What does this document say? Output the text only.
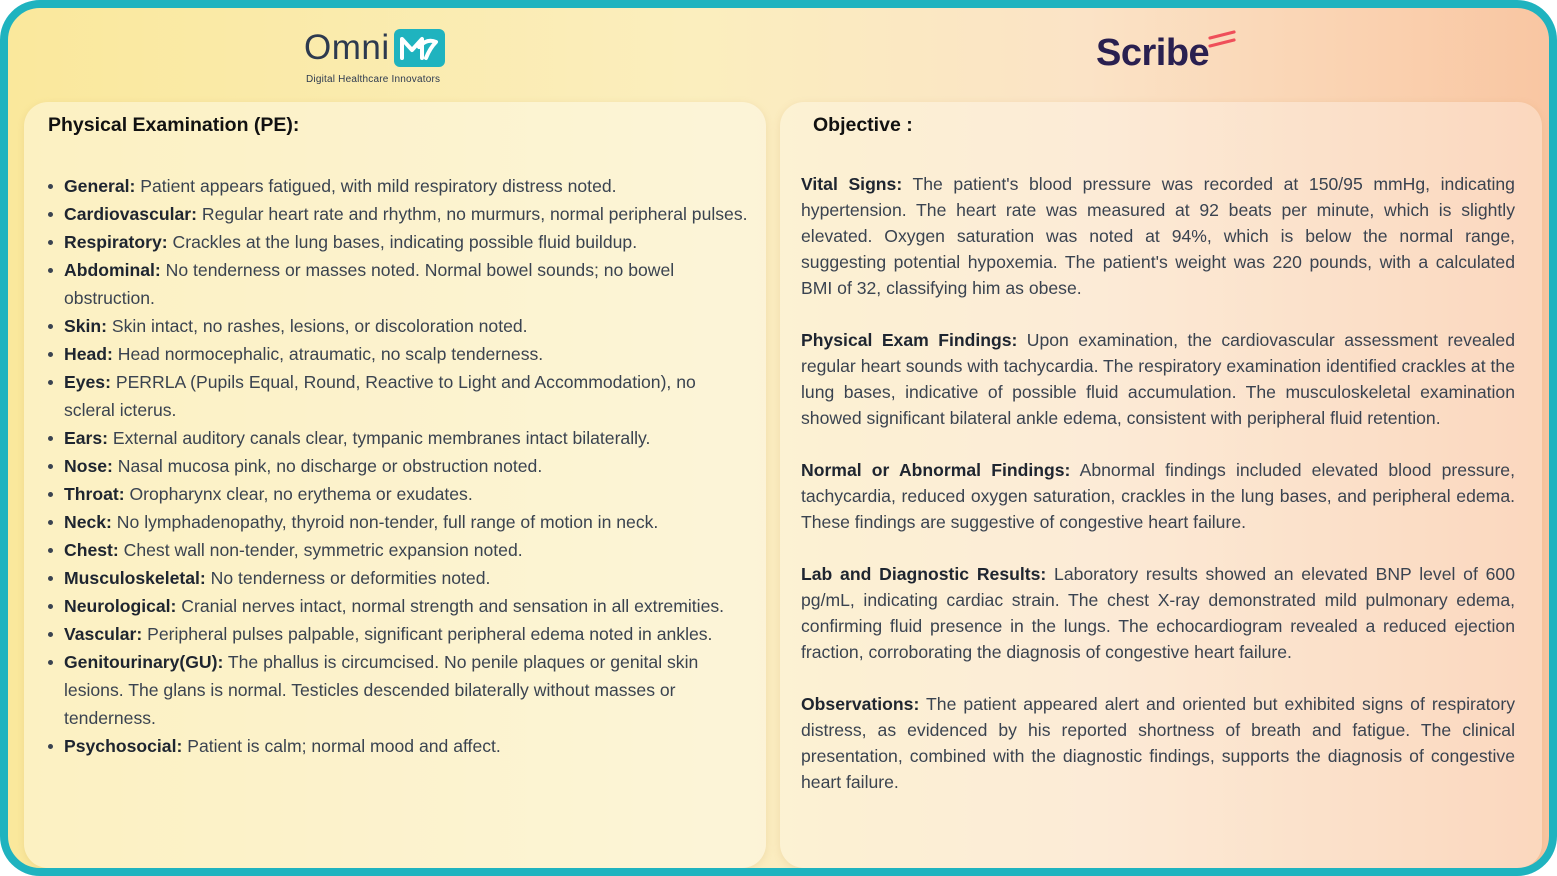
Omni
Digital Healthcare Innovators
Scribe
Physical Examination (PE):
General: Patient appears fatigued, with mild respiratory distress noted.
Cardiovascular: Regular heart rate and rhythm, no murmurs, normal peripheral pulses.
Respiratory: Crackles at the lung bases, indicating possible fluid buildup.
Abdominal: No tenderness or masses noted. Normal bowel sounds; no bowel obstruction.
Skin: Skin intact, no rashes, lesions, or discoloration noted.
Head: Head normocephalic, atraumatic, no scalp tenderness.
Eyes: PERRLA (Pupils Equal, Round, Reactive to Light and Accommodation), no scleral icterus.
Ears: External auditory canals clear, tympanic membranes intact bilaterally.
Nose: Nasal mucosa pink, no discharge or obstruction noted.
Throat: Oropharynx clear, no erythema or exudates.
Neck: No lymphadenopathy, thyroid non-tender, full range of motion in neck.
Chest: Chest wall non-tender, symmetric expansion noted.
Musculoskeletal: No tenderness or deformities noted.
Neurological: Cranial nerves intact, normal strength and sensation in all extremities.
Vascular: Peripheral pulses palpable, significant peripheral edema noted in ankles.
Genitourinary(GU): The phallus is circumcised. No penile plaques or genital skin lesions. The glans is normal. Testicles descended bilaterally without masses or tenderness.
Psychosocial: Patient is calm; normal mood and affect.
Objective :

Vital Signs: The patient's blood pressure was recorded at 150/95 mmHg, indicating hypertension. The heart rate was measured at 92 beats per minute, which is slightly elevated. Oxygen saturation was noted at 94%, which is below the normal range, suggesting potential hypoxemia. The patient's weight was 220 pounds, with a calculated BMI of 32, classifying him as obese.

Physical Exam Findings: Upon examination, the cardiovascular assessment revealed regular heart sounds with tachycardia. The respiratory examination identified crackles at the lung bases, indicative of possible fluid accumulation. The musculoskeletal examination showed significant bilateral ankle edema, consistent with peripheral fluid retention.

Normal or Abnormal Findings: Abnormal findings included elevated blood pressure, tachycardia, reduced oxygen saturation, crackles in the lung bases, and peripheral edema. These findings are suggestive of congestive heart failure.

Lab and Diagnostic Results: Laboratory results showed an elevated BNP level of 600 pg/mL, indicating cardiac strain. The chest X-ray demonstrated mild pulmonary edema, confirming fluid presence in the lungs. The echocardiogram revealed a reduced ejection fraction, corroborating the diagnosis of congestive heart failure.

Observations: The patient appeared alert and oriented but exhibited signs of respiratory distress, as evidenced by his reported shortness of breath and fatigue. The clinical presentation, combined with the diagnostic findings, supports the diagnosis of congestive heart failure.
